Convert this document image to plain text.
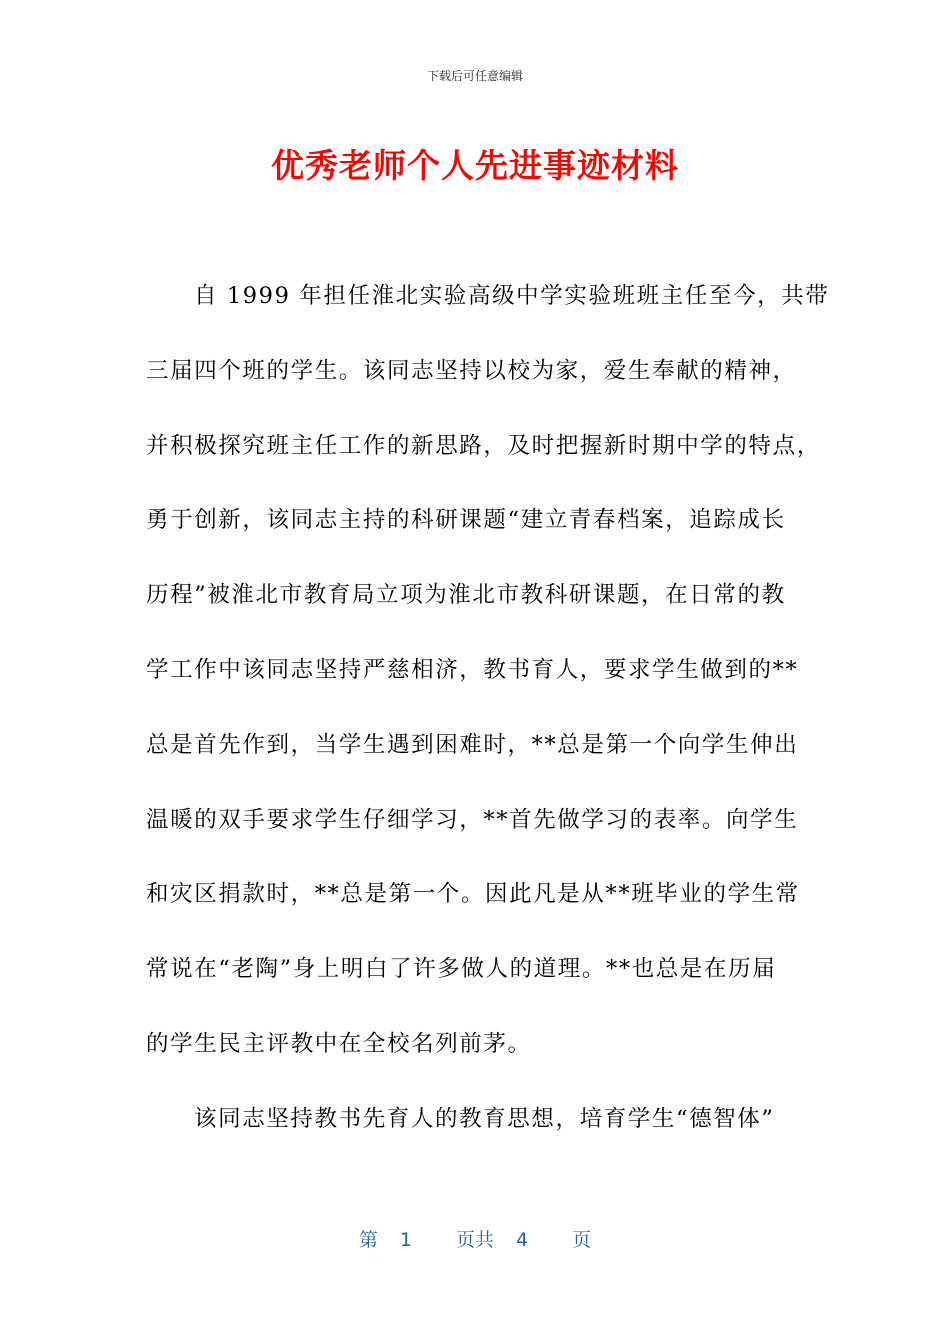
下载后可任意编辑
优秀老师个人先进事迹材料
自 1999 年担任淮北实验高级中学实验班班主任至今，共带
三届四个班的学生。该同志坚持以校为家，爱生奉献的精神，
并积极探究班主任工作的新思路，及时把握新时期中学的特点，
勇于创新，该同志主持的科研课题“建立青春档案，追踪成长
历程”被淮北市教育局立项为淮北市教科研课题，在日常的教
学工作中该同志坚持严慈相济，教书育人，要求学生做到的**
总是首先作到，当学生遇到困难时，**总是第一个向学生伸出
温暖的双手要求学生仔细学习，**首先做学习的表率。向学生
和灾区捐款时，**总是第一个。因此凡是从**班毕业的学生常
常说在“老陶”身上明白了许多做人的道理。**也总是在历届
的学生民主评教中在全校名列前茅。
该同志坚持教书先育人的教育思想，培育学生“德智体”
第 1 页共 4 页
